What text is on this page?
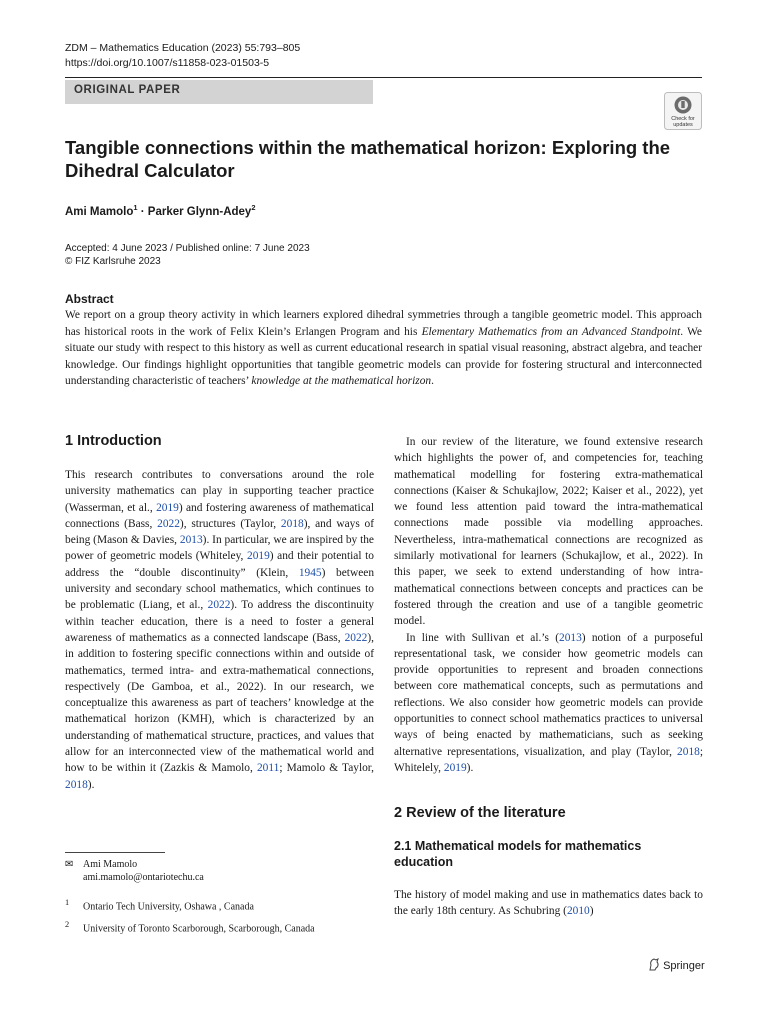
ZDM – Mathematics Education (2023) 55:793–805
https://doi.org/10.1007/s11858-023-01503-5
ORIGINAL PAPER
Check for
updates
Tangible connections within the mathematical horizon: Exploring the Dihedral Calculator
Ami Mamolo$^1$ · Parker Glynn-Adey$^2$
Accepted: 4 June 2023 / Published online: 7 June 2023
© FIZ Karlsruhe 2023
Abstract
We report on a group theory activity in which learners explored dihedral symmetries through a tangible geometric model. This approach has historical roots in the work of Felix Klein’s Erlangen Program and his Elementary Mathematics from an Advanced Standpoint. We situate our study with respect to this history as well as current educational research in spatial visual reasoning, abstract algebra, and teacher knowledge. Our findings highlight opportunities that tangible geometric models can provide for fostering structural and interconnected understanding characteristic of teachers’ knowledge at the mathematical horizon.
1 Introduction

This research contributes to conversations around the role university mathematics can play in supporting teacher practice (Wasserman, et al., 2019) and fostering awareness of mathematical connections (Bass, 2022), structures (Taylor, 2018), and ways of being (Mason & Davies, 2013). In particular, we are inspired by the power of geometric models (Whiteley, 2019) and their potential to address the “double discontinuity” (Klein, 1945) between university and secondary school mathematics, which continues to be problematic (Liang, et al., 2022). To address the discontinuity within teacher education, there is a need to foster a general awareness of mathematics as a connected landscape (Bass, 2022), in addition to fostering specific connections within and outside of mathematics, termed intra- and extra-mathematical connections, respectively (De Gamboa, et al., 2022). In our research, we conceptualize this awareness as part of teachers’ knowledge at the mathematical horizon (KMH), which is characterized by an understanding of mathematical structure, practices, and values that allow for an interconnected view of the mathematical world and how to be within it (Zazkis & Mamolo, 2011; Mamolo & Taylor, 2018).

✉ Ami Mamolo
ami.mamolo@ontariotechu.ca
$^1$ Ontario Tech University, Oshawa , Canada
$^2$ University of Toronto Scarborough, Scarborough, Canada

In our review of the literature, we found extensive research which highlights the power of, and competencies for, teaching mathematical modelling for fostering extra-mathematical connections (Kaiser & Schukajlow, 2022; Kaiser et al., 2022), yet we found less attention paid toward the intra-mathematical connections made possible via modelling approaches. Nevertheless, intra-mathematical connections are recognized as similarly motivational for learners (Schukajlow, et al., 2022). In this paper, we seek to extend understanding of how intra-mathematical connections between concepts and practices can be fostered through the creation and use of a tangible geometric model.

In line with Sullivan et al.’s (2013) notion of a purposeful representational task, we consider how geometric models can provide opportunities to represent and broaden connections between core mathematical concepts, such as permutations and reflections. We also consider how geometric models can provide opportunities to connect school mathematics practices to universal ways of being enacted by mathematicians, such as seeking alternative representations, visualization, and play (Taylor, 2018; Whitelely, 2019).

2 Review of the literature
2.1 Mathematical models for mathematics education

The history of model making and use in mathematics dates back to the early 18th century. As Schubring (2010)

Springer
